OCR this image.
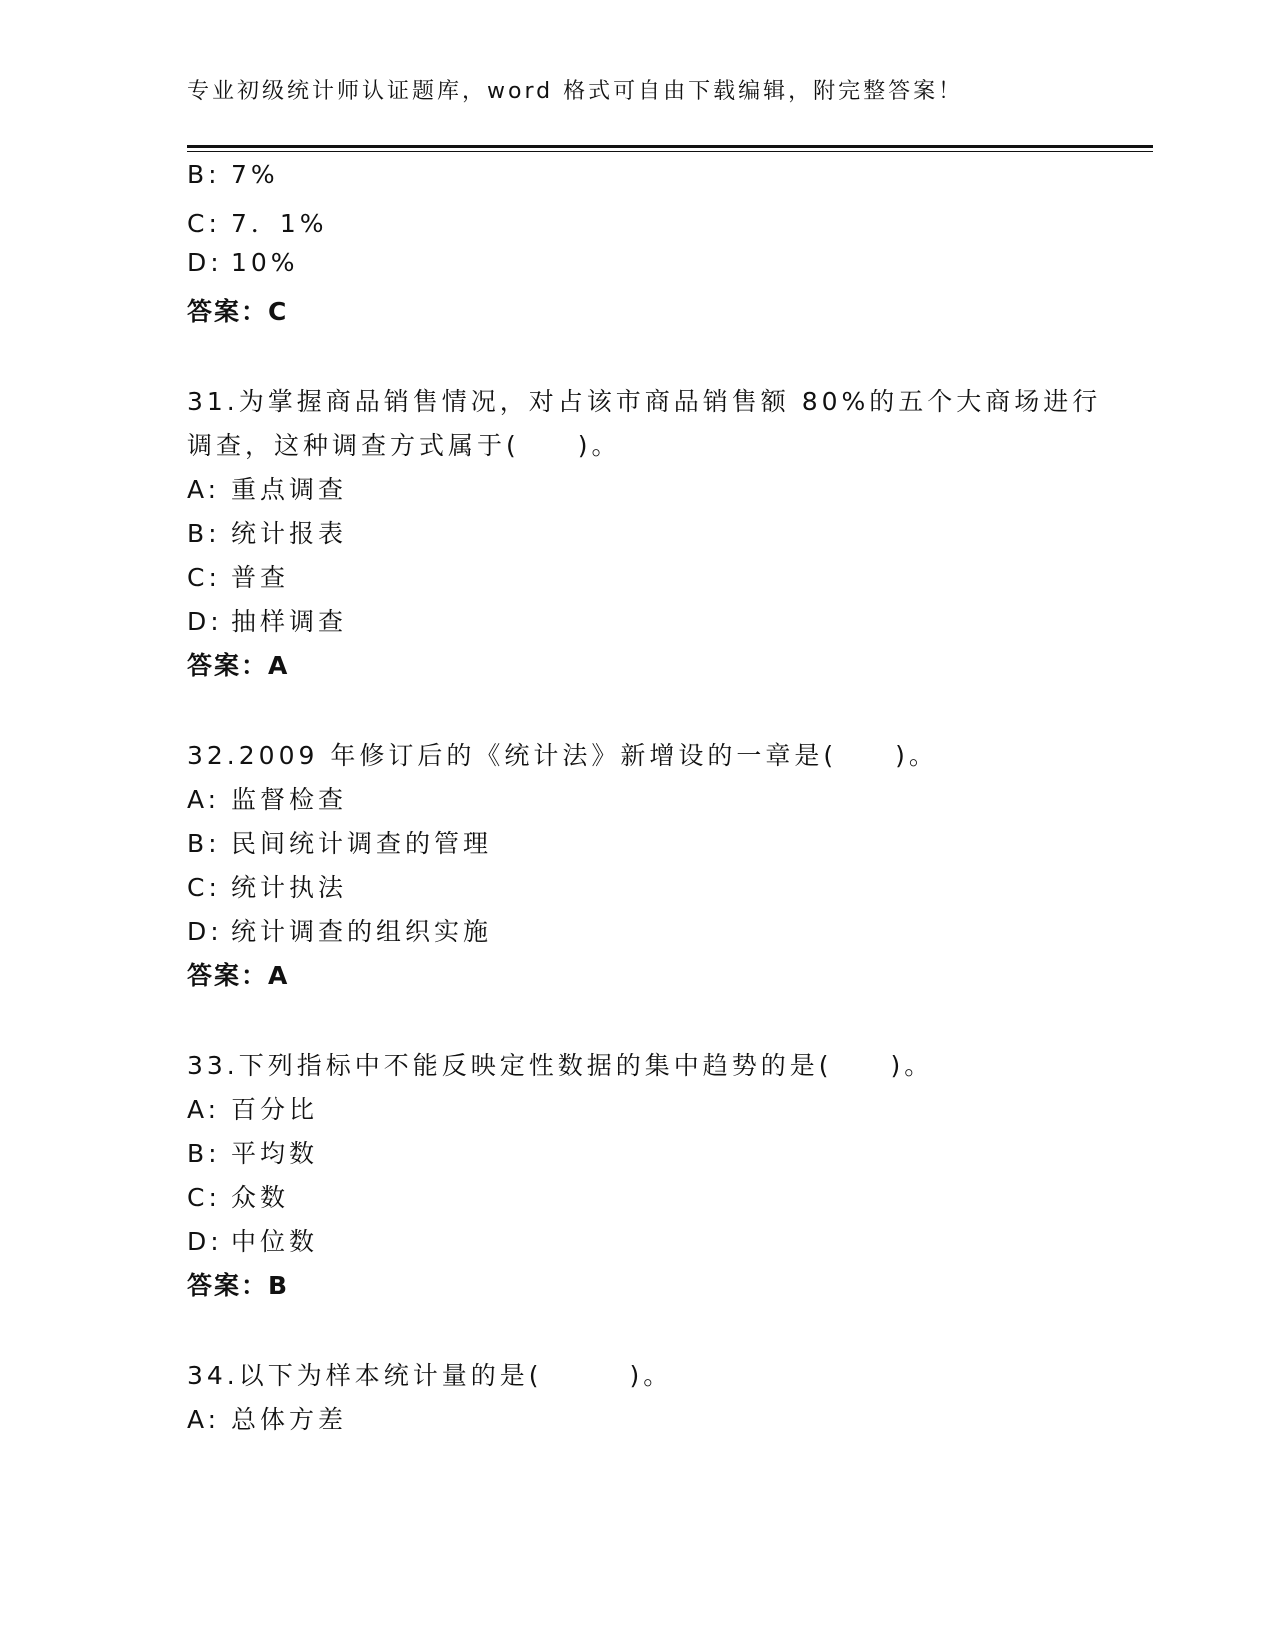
专业初级统计师认证题库，word 格式可自由下载编辑，附完整答案！
B: 7%
C: 7．1%
D: 10%
答案：C
31.为掌握商品销售情况，对占该市商品销售额 80%的五个大商场进行
调查，这种调查方式属于(　　)。
A: 重点调查
B: 统计报表
C: 普查
D: 抽样调查
答案：A
32.2009 年修订后的《统计法》新增设的一章是(　　)。
A: 监督检查
B: 民间统计调查的管理
C: 统计执法
D: 统计调查的组织实施
答案：A
33.下列指标中不能反映定性数据的集中趋势的是(　　)。
A: 百分比
B: 平均数
C: 众数
D: 中位数
答案：B
34.以下为样本统计量的是(　　　)。
A: 总体方差
